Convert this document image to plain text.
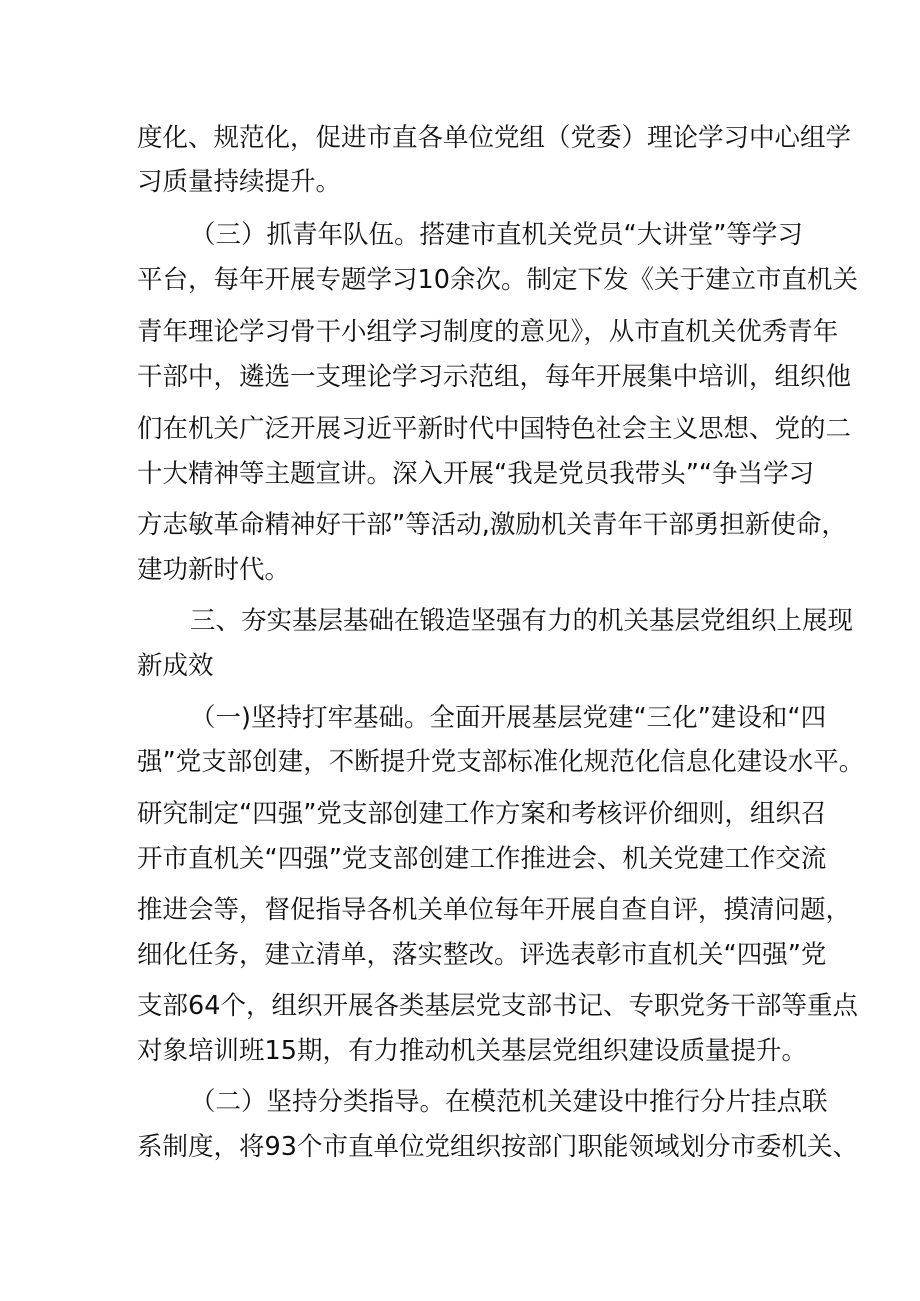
度化、规范化，促进市直各单位党组（党委）理论学习中心组学
习质量持续提升。
（三）抓青年队伍。搭建市直机关党员“大讲堂”等学习
平台，每年开展专题学习10余次。制定下发《关于建立市直机关
青年理论学习骨干小组学习制度的意见》，从市直机关优秀青年
干部中，遴选一支理论学习示范组，每年开展集中培训，组织他
们在机关广泛开展习近平新时代中国特色社会主义思想、党的二
十大精神等主题宣讲。深入开展“我是党员我带头”“争当学习
方志敏革命精神好干部”等活动,激励机关青年干部勇担新使命，
建功新时代。
三、夯实基层基础在锻造坚强有力的机关基层党组织上展现
新成效
（一)坚持打牢基础。全面开展基层党建“三化”建设和“四
强”党支部创建，不断提升党支部标准化规范化信息化建设水平。
研究制定“四强”党支部创建工作方案和考核评价细则，组织召
开市直机关“四强”党支部创建工作推进会、机关党建工作交流
推进会等，督促指导各机关单位每年开展自查自评，摸清问题，
细化任务，建立清单，落实整改。评选表彰市直机关“四强”党
支部64个，组织开展各类基层党支部书记、专职党务干部等重点
对象培训班15期，有力推动机关基层党组织建设质量提升。
（二）坚持分类指导。在模范机关建设中推行分片挂点联
系制度，将93个市直单位党组织按部门职能领域划分市委机关、
